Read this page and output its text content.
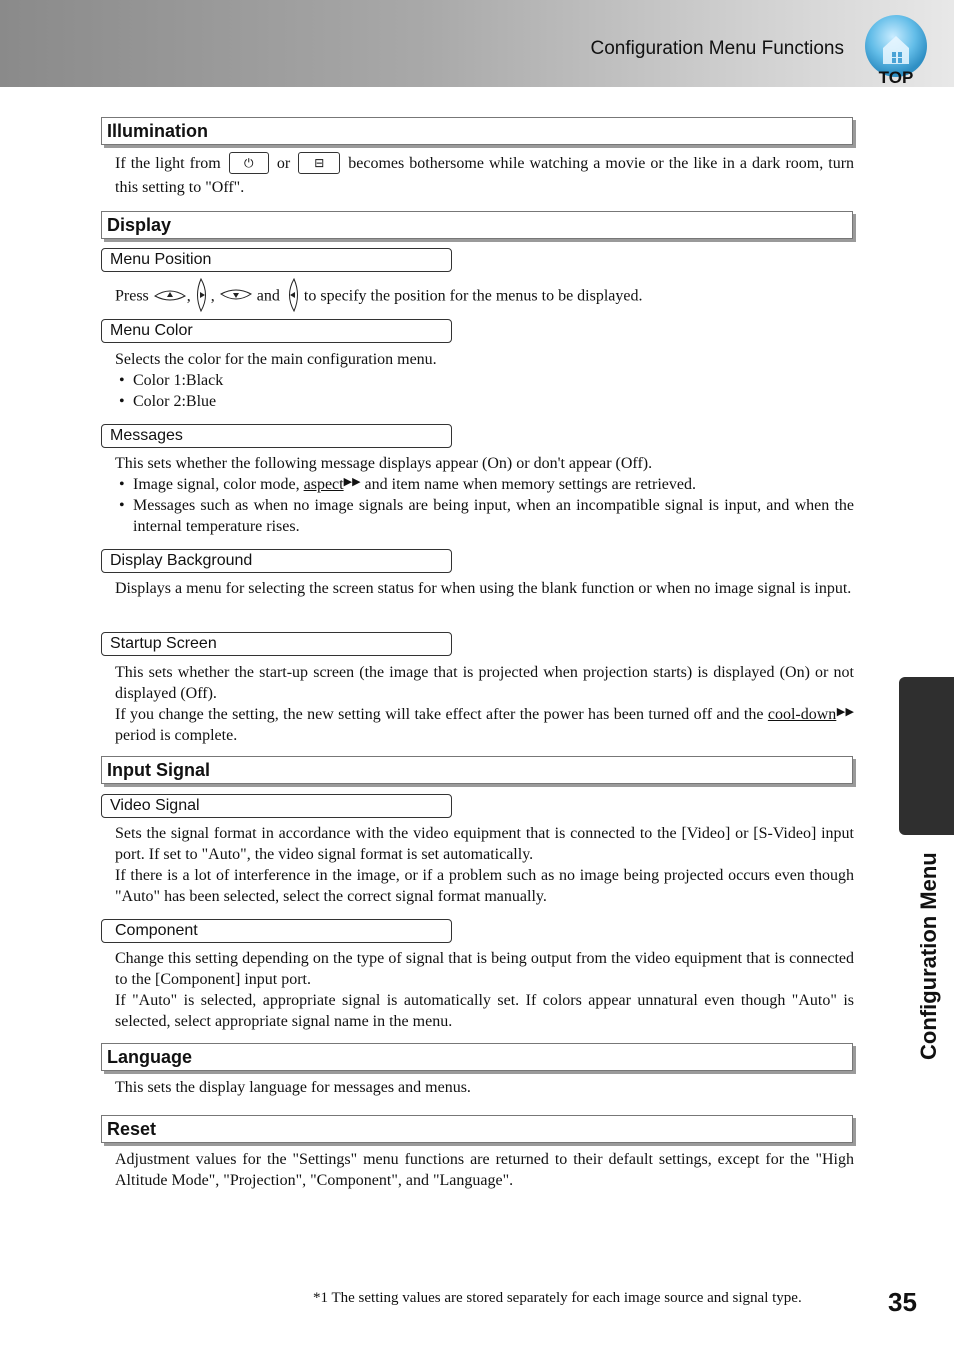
Configuration Menu Functions
TOP
Configuration Menu
Illumination
If the light from ⏻ or ⊟ becomes bothersome while watching a movie or the like in a dark room, turn this setting to "Off".
Display
Menu Position
Press , ,	and to specify the position for the menus to be displayed.
Menu Color

Selects the color for the main configuration menu.

• Color 1:Black
• Color 2:Blue
Messages

This sets whether the following message displays appear (On) or don't appear (Off).

• Image signal, color mode, aspect▶▶ and item name when memory settings are retrieved.
• Messages such as when no image signals are being input, when an incompatible signal is input, and when the internal temperature rises.
Display Background

Displays a menu for selecting the screen status for when using the blank function or when no image signal is input.

Startup Screen

This sets whether the start-up screen (the image that is projected when projection starts) is displayed (On) or not displayed (Off).

If you change the setting, the new setting will take effect after the power has been turned off and the cool-down▶▶ period is complete.

Input Signal
Video Signal

Sets the signal format in accordance with the video equipment that is connected to the [Video] or [S-Video] input port. If set to "Auto", the video signal format is set automatically.

If there is a lot of interference in the image, or if a problem such as no image being projected occurs even though "Auto" has been selected, select the correct signal format manually.

Component

Change this setting depending on the type of signal that is being output from the video equipment that is connected to the [Component] input port.

If "Auto" is selected, appropriate signal is automatically set. If colors appear unnatural even though "Auto" is selected, select appropriate signal name in the menu.

Language

This sets the display language for messages and menus.

Reset

Adjustment values for the "Settings" menu functions are returned to their default settings, except for the "High Altitude Mode", "Projection", "Component", and "Language".

*1 The setting values are stored separately for each image source and signal type.	35
